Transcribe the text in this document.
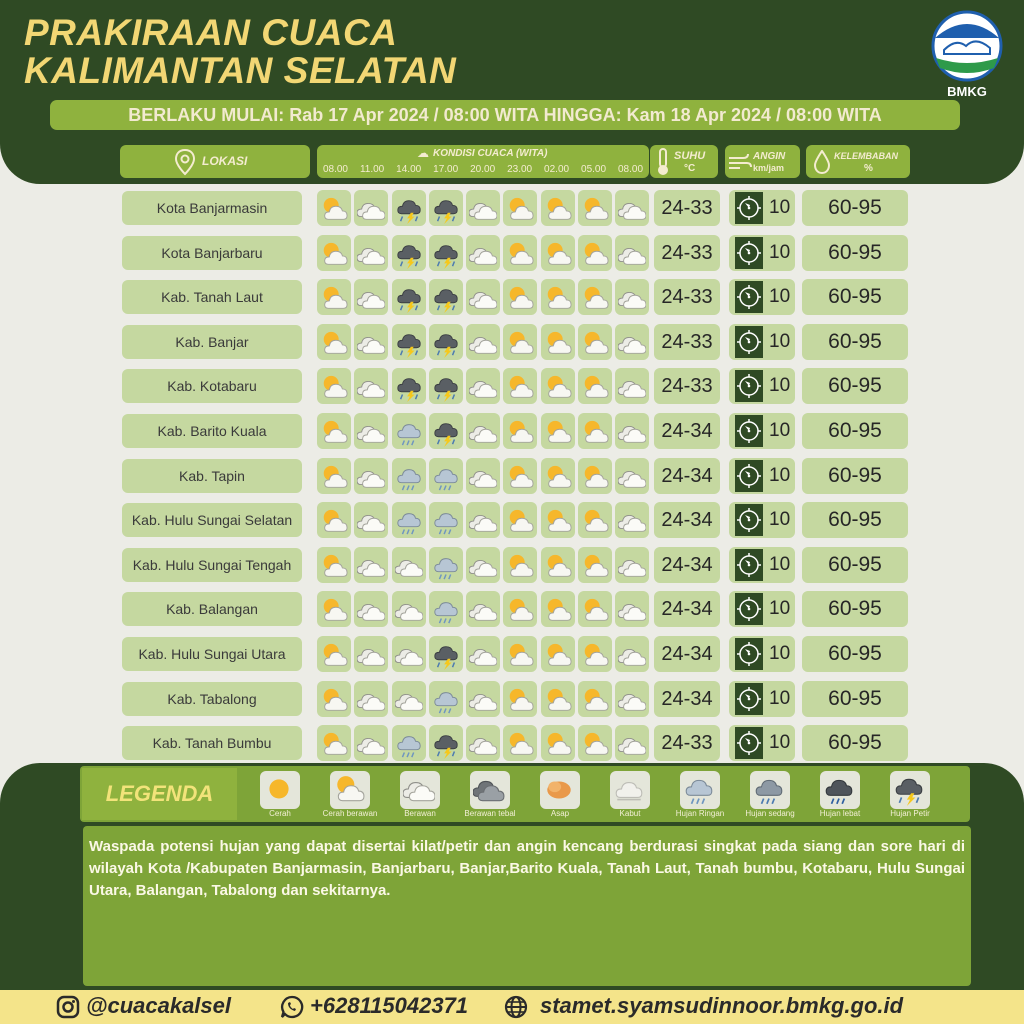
PRAKIRAAN CUACA
KALIMANTAN SELATAN
BMKG
BERLAKU MULAI: Rab 17 Apr 2024 / 08:00 WITA HINGGA: Kam 18 Apr 2024 / 08:00 WITA
LOKASI
☁ KONDISI CUACA (WITA)
08.00 11.00 14.00 17.00 20.00 23.00 02.00 05.00 08.00
SUHU
°C
ANGIN
km/jam
KELEMBABAN
%
Kota Banjarmasin	24-33	10	60-95
Kota Banjarbaru	24-33	10	60-95
Kab. Tanah Laut	24-33	10	60-95
Kab. Banjar	24-33	10	60-95
Kab. Kotabaru	24-33	10	60-95
Kab. Barito Kuala	24-34	10	60-95
Kab. Tapin	24-34	10	60-95
Kab. Hulu Sungai Selatan	24-34	10	60-95
Kab. Hulu Sungai Tengah	24-34	10	60-95
Kab. Balangan	24-34	10	60-95
Kab. Hulu Sungai Utara	24-34	10	60-95
Kab. Tabalong	24-34	10	60-95
Kab. Tanah Bumbu	24-33	10	60-95
LEGENDA
Cerah	Cerah berawan	Berawan	Berawan tebal	Asap	Kabut	Hujan Ringan	Hujan sedang	Hujan lebat	Hujan Petir
Waspada potensi hujan yang dapat disertai kilat/petir dan angin kencang berdurasi singkat pada siang dan sore hari di wilayah Kota /Kabupaten Banjarmasin, Banjarbaru, Banjar,Barito Kuala, Tanah Laut, Tanah bumbu, Kotabaru, Hulu Sungai Utara, Balangan, Tabalong dan sekitarnya.
@cuacakalsel	+628115042371	stamet.syamsudinnoor.bmkg.go.id
